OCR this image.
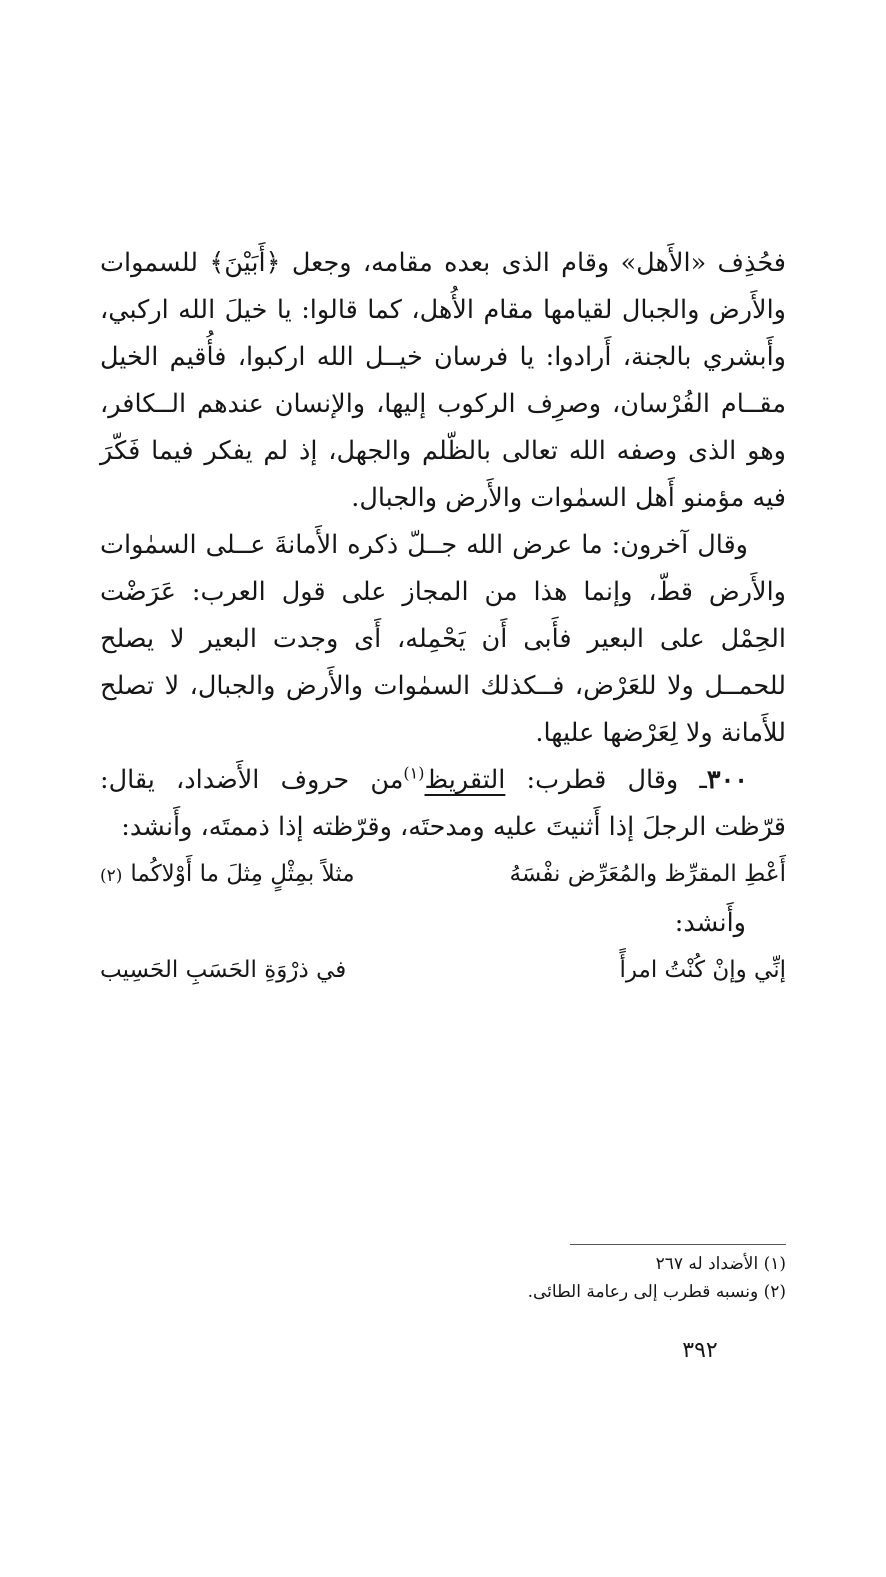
فحُذِف «الأَهل» وقام الذى بعده مقامه، وجعل ﴿أَبَيْنَ﴾ للسموات والأَرض والجبال لقيامها مقام الأُهل، كما قالوا: يا خيلَ الله اركبي، وأَبشري بالجنة، أَرادوا: يا فرسان خيــل الله اركبوا، فأُقيم الخيل مقــام الفُرْسان، وصرِف الركوب إليها، والإنسان عندهم الــكافر، وهو الذى وصفه الله تعالى بالظّلم والجهل، إذ لم يفكر فيما فَكّرَ فيه مؤمنو أَهل السمٰوات والأَرض والجبال.

وقال آخرون: ما عرض الله جــلّ ذكره الأَمانةَ عــلى السمٰوات والأَرض قطّ، وإنما هذا من المجاز على قول العرب: عَرَضْت الحِمْل على البعير فأَبى أَن يَحْمِله، أَى وجدت البعير لا يصلح للحمــل ولا للعَرْض، فــكذلك السمٰوات والأَرض والجبال، لا تصلح للأَمانة ولا لِعَرْضها عليها.

٣٠٠ـ وقال قطرب: التقريظ$^{(١)}$من حروف الأَضداد، يقال: قرّظت الرجلَ إذا أَثنيتَ عليه ومدحتَه، وقرّظته إذا ذممتَه، وأَنشد:

أَعْطِ المقرِّظ والمُعَرِّض نفْسَهُ
مثلاً بمِثْلٍ مِثلَ ما أَوْلاكُما(٢)

وأَنشد:

إنِّي وإنْ كُنْتُ امرأً
في ذرْوَةِ الحَسَبِ الحَسِيب
(١) الأضداد له ٢٦٧
(٢) ونسبه قطرب إلى رعامة الطائى.
٣٩٢
